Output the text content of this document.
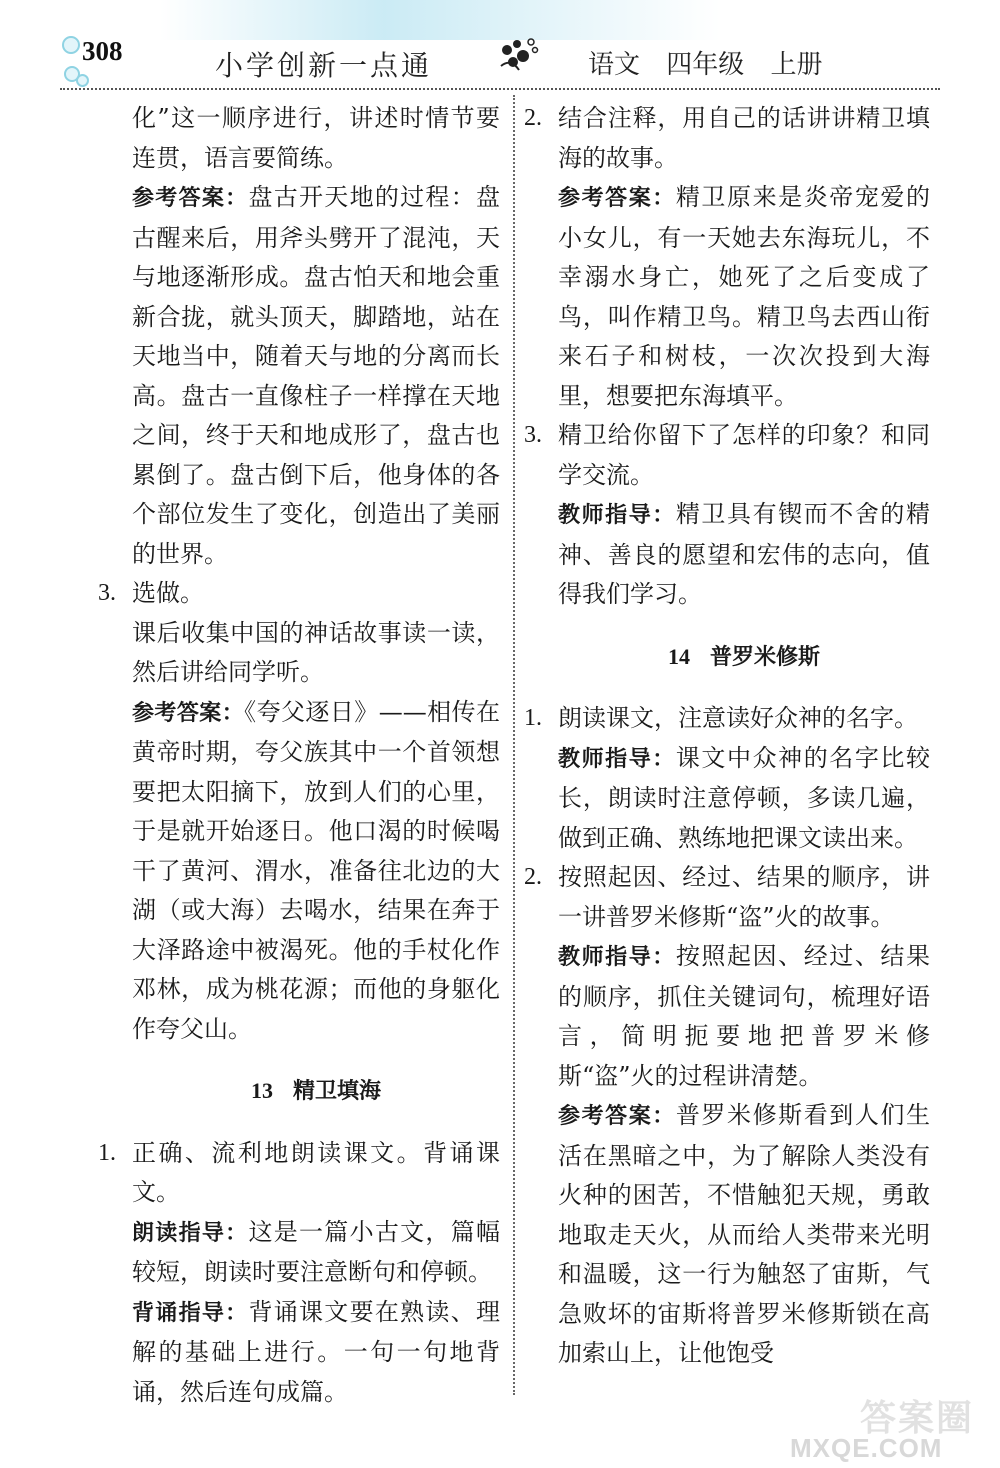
308	小学创新一点通	语文 四年级 上册

化”这一顺序进行，讲述时情节要连贯，语言要简练。

参考答案：盘古开天地的过程：盘古醒来后，用斧头劈开了混沌，天与地逐渐形成。盘古怕天和地会重新合拢，就头顶天，脚踏地，站在天地当中，随着天与地的分离而长高。盘古一直像柱子一样撑在天地之间，终于天和地成形了，盘古也累倒了。盘古倒下后，他身体的各个部位发生了变化，创造出了美丽的世界。

3. 选做。

课后收集中国的神话故事读一读，然后讲给同学听。

参考答案：《夸父逐日》——相传在黄帝时期，夸父族其中一个首领想要把太阳摘下，放到人们的心里，于是就开始逐日。他口渴的时候喝干了黄河、渭水，准备往北边的大湖（或大海）去喝水，结果在奔于大泽路途中被渴死。他的手杖化作邓林，成为桃花源；而他的身躯化作夸父山。

13 精卫填海

1. 正确、流利地朗读课文。背诵课文。

朗读指导：这是一篇小古文，篇幅较短，朗读时要注意断句和停顿。

背诵指导：背诵课文要在熟读、理解的基础上进行。一句一句地背诵，然后连句成篇。

2. 结合注释，用自己的话讲讲精卫填海的故事。

参考答案：精卫原来是炎帝宠爱的小女儿，有一天她去东海玩儿，不幸溺水身亡，她死了之后变成了鸟，叫作精卫鸟。精卫鸟去西山衔来石子和树枝，一次次投到大海里，想要把东海填平。

3. 精卫给你留下了怎样的印象？和同学交流。

教师指导：精卫具有锲而不舍的精神、善良的愿望和宏伟的志向，值得我们学习。

14 普罗米修斯

1. 朗读课文，注意读好众神的名字。

教师指导：课文中众神的名字比较长，朗读时注意停顿，多读几遍，做到正确、熟练地把课文读出来。

2. 按照起因、经过、结果的顺序，讲一讲普罗米修斯“盗”火的故事。

教师指导：按照起因、经过、结果的顺序，抓住关键词句，梳理好语言，简明扼要地把普罗米修斯“盗”火的过程讲清楚。

参考答案：普罗米修斯看到人们生活在黑暗之中，为了解除人类没有火种的困苦，不惜触犯天规，勇敢地取走天火，从而给人类带来光明和温暖，这一行为触怒了宙斯，气急败坏的宙斯将普罗米修斯锁在高加索山上，让他饱受

答案圈
MXQE.COM
